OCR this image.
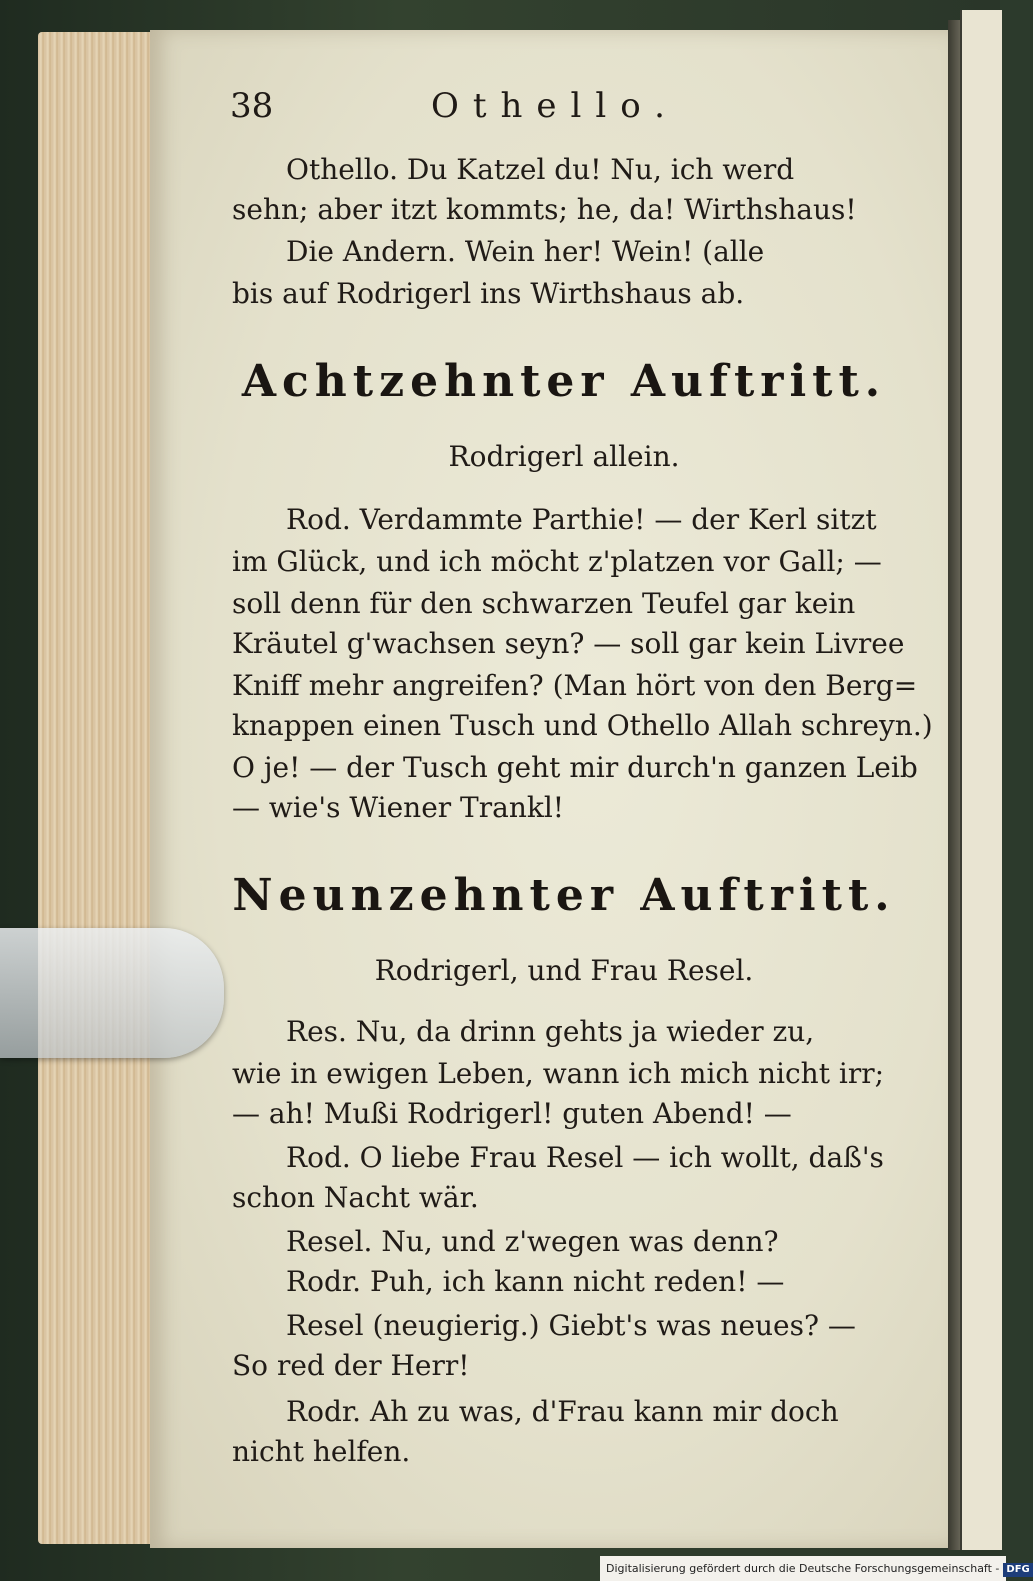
38	Othello.
Othello. Du Katzel du! Nu, ich werd
sehn; aber itzt kommts; he, da! Wirthshaus!
Die Andern. Wein her! Wein! (alle
bis auf Rodrigerl ins Wirthshaus ab.
Achtzehnter Auftritt.
Rodrigerl allein.
Rod. Verdammte Parthie! — der Kerl sitzt
im Glück, und ich möcht z'platzen vor Gall; —
soll denn für den schwarzen Teufel gar kein
Kräutel g'wachsen seyn? — soll gar kein Livree
Kniff mehr angreifen? (Man hört von den Berg=
knappen einen Tusch und Othello Allah schreyn.)
O je! — der Tusch geht mir durch'n ganzen Leib
— wie's Wiener Trankl!
Neunzehnter Auftritt.
Rodrigerl, und Frau Resel.
Res. Nu, da drinn gehts ja wieder zu,
wie in ewigen Leben, wann ich mich nicht irr;
— ah! Mußi Rodrigerl! guten Abend! —
Rod. O liebe Frau Resel — ich wollt, daß's
schon Nacht wär.
Resel. Nu, und z'wegen was denn?
Rodr. Puh, ich kann nicht reden! —
Resel (neugierig.) Giebt's was neues? —
So red der Herr!
Rodr. Ah zu was, d'Frau kann mir doch
nicht helfen.
Digitalisierung gefördert durch die Deutsche Forschungsgemeinschaft - DFG
